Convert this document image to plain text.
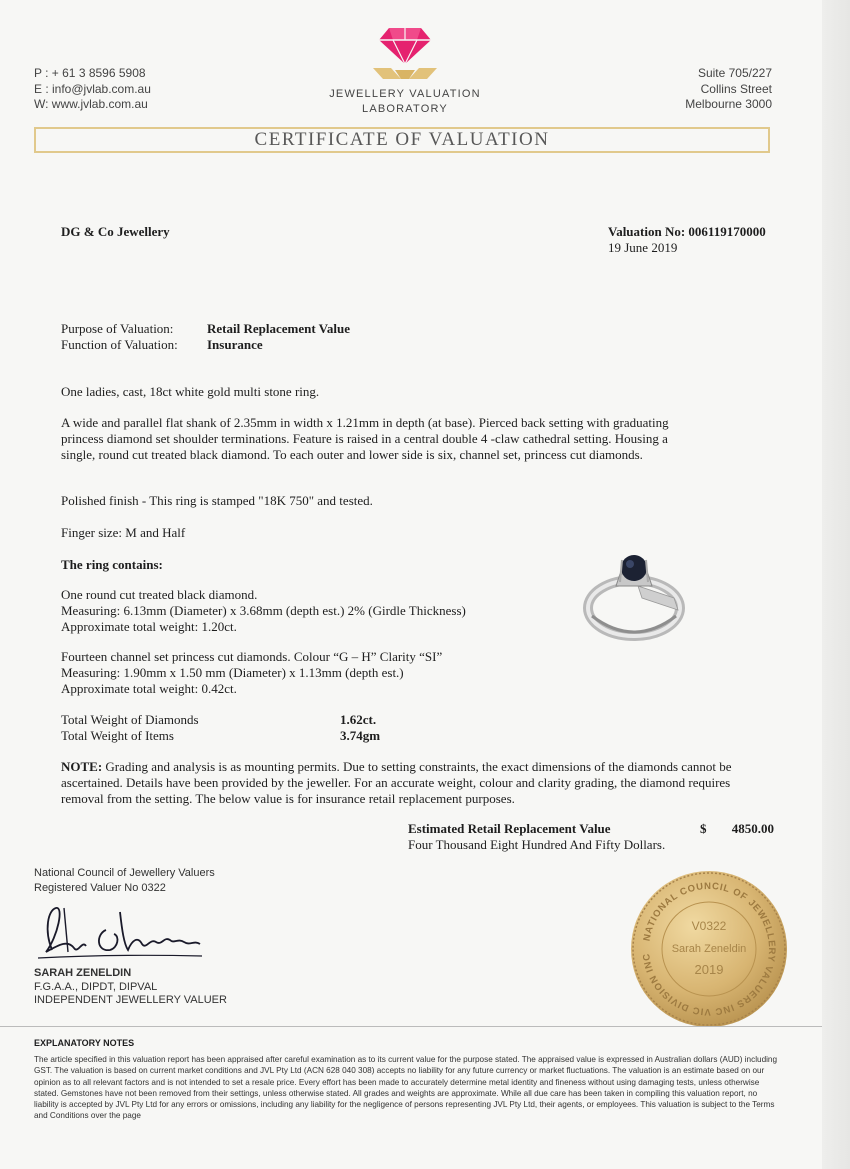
P : + 61 3 8596 5908
E : info@jvlab.com.au
W: www.jvlab.com.au
JEWELLERY VALUATION
LABORATORY
Suite 705/227
Collins Street
Melbourne 3000
CERTIFICATE OF VALUATION
DG & Co Jewellery	Valuation No: 006119170000
19 June 2019
Purpose of Valuation:	Retail Replacement Value
Function of Valuation: Insurance
One ladies, cast, 18ct white gold multi stone ring.
A wide and parallel flat shank of 2.35mm in width x 1.21mm in depth (at base). Pierced back setting with graduating princess diamond set shoulder terminations. Feature is raised in a central double 4 -claw cathedral setting. Housing a single, round cut treated black diamond. To each outer and lower side is six, channel set, princess cut diamonds.
Polished finish - This ring is stamped "18K 750" and tested.
Finger size: M and Half
The ring contains:
One round cut treated black diamond.
Measuring: 6.13mm (Diameter) x 3.68mm (depth est.) 2% (Girdle Thickness)
Approximate total weight: 1.20ct.
Fourteen channel set princess cut diamonds. Colour “G – H” Clarity “SI”
Measuring: 1.90mm x 1.50 mm (Diameter) x 1.13mm (depth est.)
Approximate total weight: 0.42ct.
Total Weight of Diamonds	1.62ct.
Total Weight of Items	3.74gm
NOTE: Grading and analysis is as mounting permits. Due to setting constraints, the exact dimensions of the diamonds cannot be ascertained. Details have been provided by the jeweller. For an accurate weight, colour and clarity grading, the diamond requires removal from the setting. The below value is for insurance retail replacement purposes.
Estimated Retail Replacement Value	$	4850.00
Four Thousand Eight Hundred And Fifty Dollars.
National Council of Jewellery Valuers
Registered Valuer No 0322
SARAH ZENELDIN
F.G.A.A., DIPDT, DIPVAL
INDEPENDENT JEWELLERY VALUER
NATIONAL COUNCIL OF JEWELLERY VALUERS INC VIC DIVISION INC
V0322
Sarah Zeneldin
2019
EXPLANATORY NOTES
The article specified in this valuation report has been appraised after careful examination as to its current value for the purpose stated. The appraised value is expressed in Australian dollars (AUD) including GST. The valuation is based on current market conditions and JVL Pty Ltd (ACN 628 040 308) accepts no liability for any future currency or market fluctuations. The valuation is an estimate based on our opinion as to all relevant factors and is not intended to set a resale price. Every effort has been made to accurately determine metal identity and fineness without using damaging tests, unless otherwise stated. Gemstones have not been removed from their settings, unless otherwise stated. All grades and weights are approximate. While all due care has been taken in compiling this valuation report, no liability is accepted by JVL Pty Ltd for any errors or omissions, including any liability for the negligence of persons representing JVL Pty Ltd, their agents, or employees. This valuation is subject to the Terms and Conditions over the page
